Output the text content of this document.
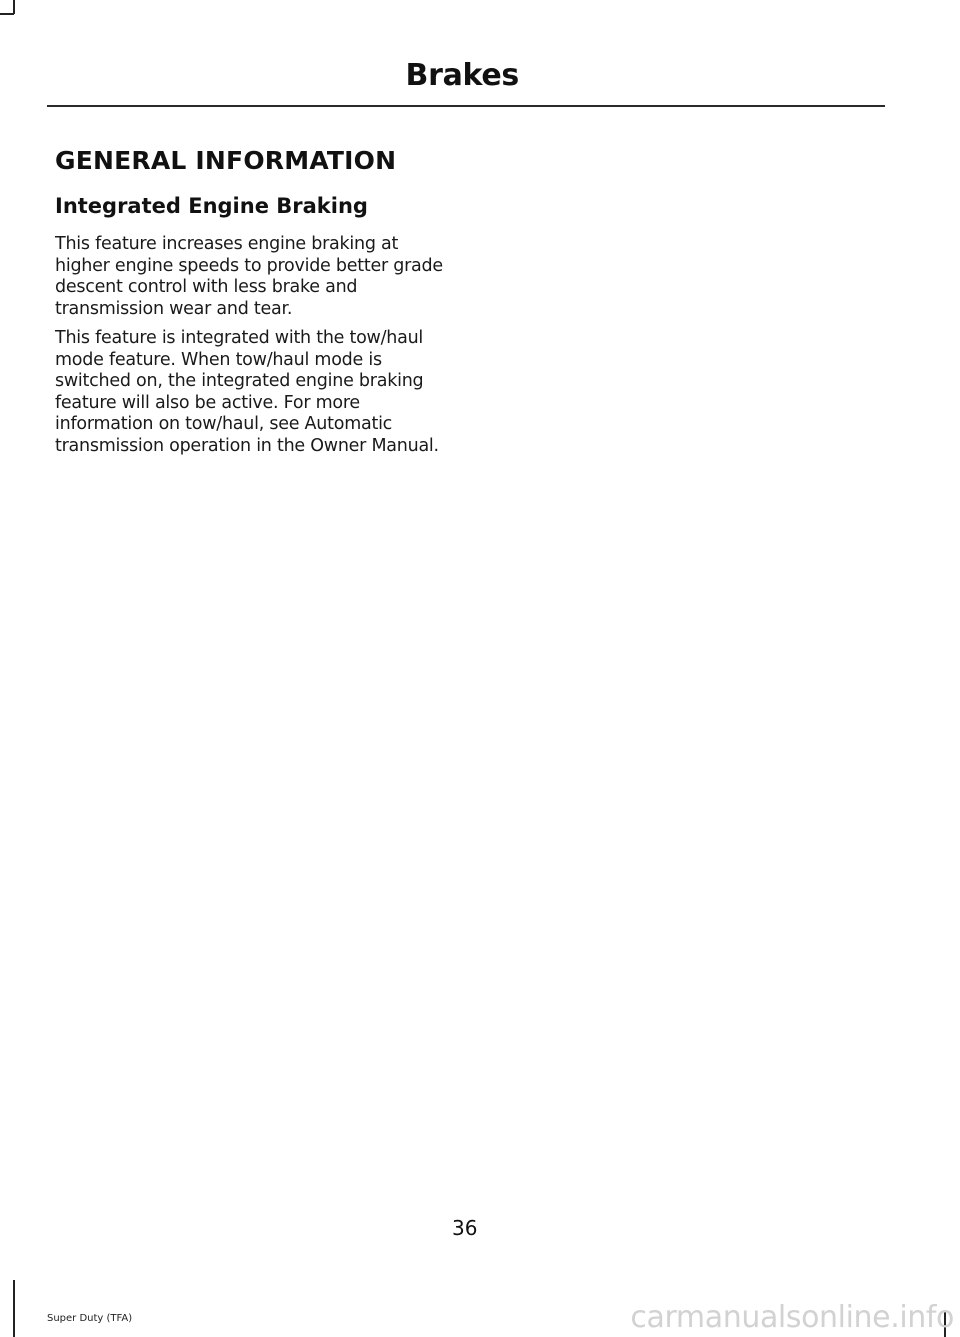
Brakes
GENERAL INFORMATION
Integrated Engine Braking

This feature increases engine braking at higher engine speeds to provide better grade descent control with less brake and transmission wear and tear.

This feature is integrated with the tow/haul mode feature. When tow/haul mode is switched on, the integrated engine braking feature will also be active. For more information on tow/haul, see Automatic transmission operation in the Owner Manual.

36
Super Duty (TFA)	carmanualsonline.info
